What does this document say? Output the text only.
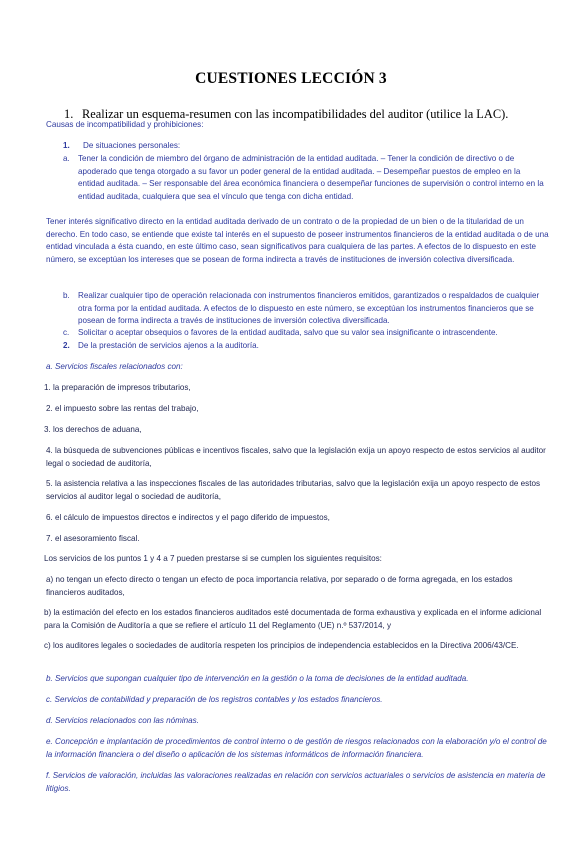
CUESTIONES LECCIÓN 3
1. Realizar un esquema-resumen con las incompatibilidades del auditor (utilice la LAC).
Causas de incompatibilidad y prohibiciones:
1. De situaciones personales:
a. Tener la condición de miembro del órgano de administración de la entidad auditada. – Tener la condición de directivo o de apoderado que tenga otorgado a su favor un poder general de la entidad auditada. – Desempeñar puestos de empleo en la entidad auditada. – Ser responsable del área económica financiera o desempeñar funciones de supervisión o control interno en la entidad auditada, cualquiera que sea el vínculo que tenga con dicha entidad.
Tener interés significativo directo en la entidad auditada derivado de un contrato o de la propiedad de un bien o de la titularidad de un derecho. En todo caso, se entiende que existe tal interés en el supuesto de poseer instrumentos financieros de la entidad auditada o de una entidad vinculada a ésta cuando, en este último caso, sean significativos para cualquiera de las partes. A efectos de lo dispuesto en este número, se exceptúan los intereses que se posean de forma indirecta a través de instituciones de inversión colectiva diversificada.
b. Realizar cualquier tipo de operación relacionada con instrumentos financieros emitidos, garantizados o respaldados de cualquier otra forma por la entidad auditada. A efectos de lo dispuesto en este número, se exceptúan los instrumentos financieros que se posean de forma indirecta a través de instituciones de inversión colectiva diversificada.
c. Solicitar o aceptar obsequios o favores de la entidad auditada, salvo que su valor sea insignificante o intrascendente.
2. De la prestación de servicios ajenos a la auditoría.
a. Servicios fiscales relacionados con:
1. la preparación de impresos tributarios,
2. el impuesto sobre las rentas del trabajo,
3. los derechos de aduana,
4. la búsqueda de subvenciones públicas e incentivos fiscales, salvo que la legislación exija un apoyo respecto de estos servicios al auditor legal o sociedad de auditoría,
5. la asistencia relativa a las inspecciones fiscales de las autoridades tributarias, salvo que la legislación exija un apoyo respecto de estos servicios al auditor legal o sociedad de auditoría,
6. el cálculo de impuestos directos e indirectos y el pago diferido de impuestos,
7. el asesoramiento fiscal.
Los servicios de los puntos 1 y 4 a 7 pueden prestarse si se cumplen los siguientes requisitos:
a) no tengan un efecto directo o tengan un efecto de poca importancia relativa, por separado o de forma agregada, en los estados financieros auditados,
b) la estimación del efecto en los estados financieros auditados esté documentada de forma exhaustiva y explicada en el informe adicional para la Comisión de Auditoría a que se refiere el artículo 11 del Reglamento (UE) n.º 537/2014, y
c) los auditores legales o sociedades de auditoría respeten los principios de independencia establecidos en la Directiva 2006/43/CE.
b. Servicios que supongan cualquier tipo de intervención en la gestión o la toma de decisiones de la entidad auditada.
c. Servicios de contabilidad y preparación de los registros contables y los estados financieros.
d. Servicios relacionados con las nóminas.
e. Concepción e implantación de procedimientos de control interno o de gestión de riesgos relacionados con la elaboración y/o el control de la información financiera o del diseño o aplicación de los sistemas informáticos de información financiera.
f. Servicios de valoración, incluidas las valoraciones realizadas en relación con servicios actuariales o servicios de asistencia en materia de litigios.
